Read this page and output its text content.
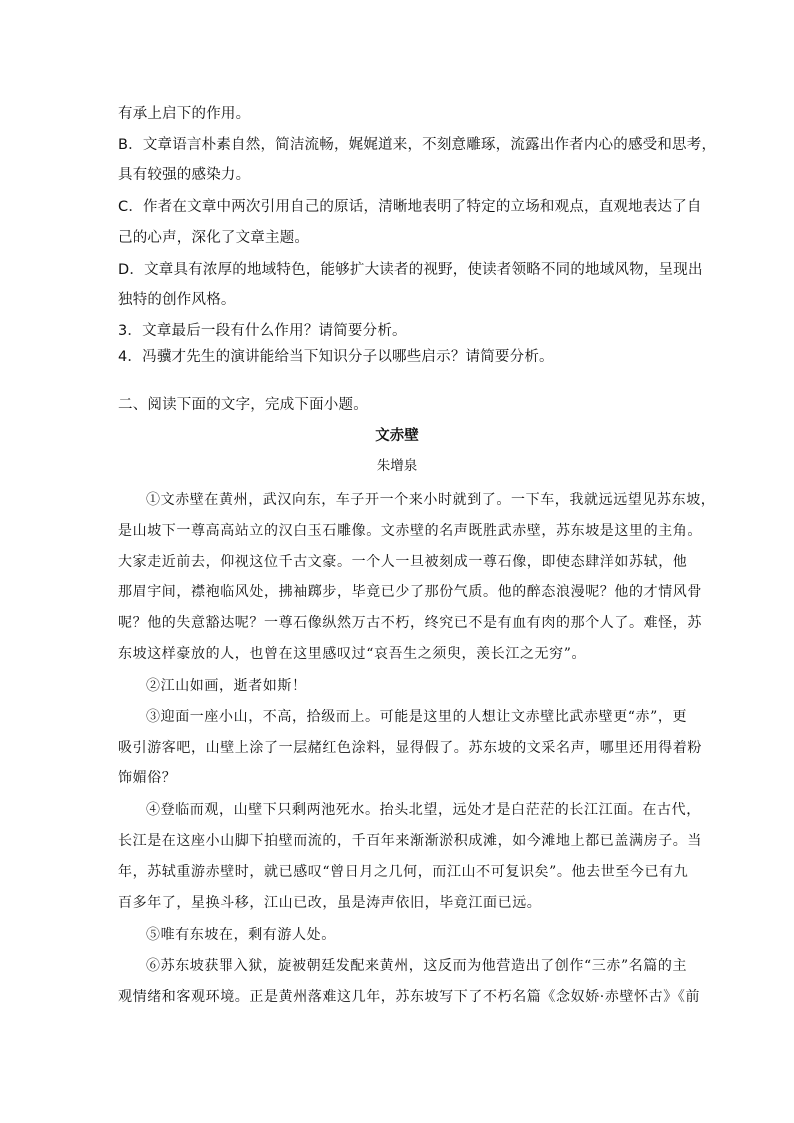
有承上启下的作用。
B．文章语言朴素自然，简洁流畅，娓娓道来，不刻意雕琢，流露出作者内心的感受和思考，
具有较强的感染力。
C．作者在文章中两次引用自己的原话，清晰地表明了特定的立场和观点，直观地表达了自
己的心声，深化了文章主题。
D．文章具有浓厚的地域特色，能够扩大读者的视野，使读者领略不同的地域风物，呈现出
独特的创作风格。
3．文章最后一段有什么作用？请简要分析。
4．冯骥才先生的演讲能给当下知识分子以哪些启示？请简要分析。
二、阅读下面的文字，完成下面小题。
文赤壁
朱增泉
①文赤壁在黄州，武汉向东，车子开一个来小时就到了。一下车，我就远远望见苏东坡，
是山坡下一尊高高站立的汉白玉石雕像。文赤壁的名声既胜武赤壁，苏东坡是这里的主角。
大家走近前去，仰视这位千古文豪。一个人一旦被刻成一尊石像，即使态肆洋如苏轼，他
那眉宇间，襟袍临风处，拂袖踯步，毕竟已少了那份气质。他的醉态浪漫呢？他的才情风骨
呢？他的失意豁达呢？一尊石像纵然万古不朽，终究已不是有血有肉的那个人了。难怪，苏
东坡这样豪放的人，也曾在这里感叹过“哀吾生之须臾，羡长江之无穷”。
②江山如画，逝者如斯！
③迎面一座小山，不高，拾级而上。可能是这里的人想让文赤壁比武赤壁更“赤”，更
吸引游客吧，山壁上涂了一层赭红色涂料，显得假了。苏东坡的文采名声，哪里还用得着粉
饰媚俗？
④登临而观，山壁下只剩两池死水。抬头北望，远处才是白茫茫的长江江面。在古代，
长江是在这座小山脚下拍壁而流的，千百年来渐渐淤积成滩，如今滩地上都已盖满房子。当
年，苏轼重游赤壁时，就已感叹“曾日月之几何，而江山不可复识矣”。他去世至今已有九
百多年了，星换斗移，江山已改，虽是涛声依旧，毕竟江面已远。
⑤唯有东坡在，剩有游人处。
⑥苏东坡获罪入狱，旋被朝廷发配来黄州，这反而为他营造出了创作“三赤”名篇的主
观情绪和客观环境。正是黄州落难这几年，苏东坡写下了不朽名篇《念奴娇·赤壁怀古》《前
